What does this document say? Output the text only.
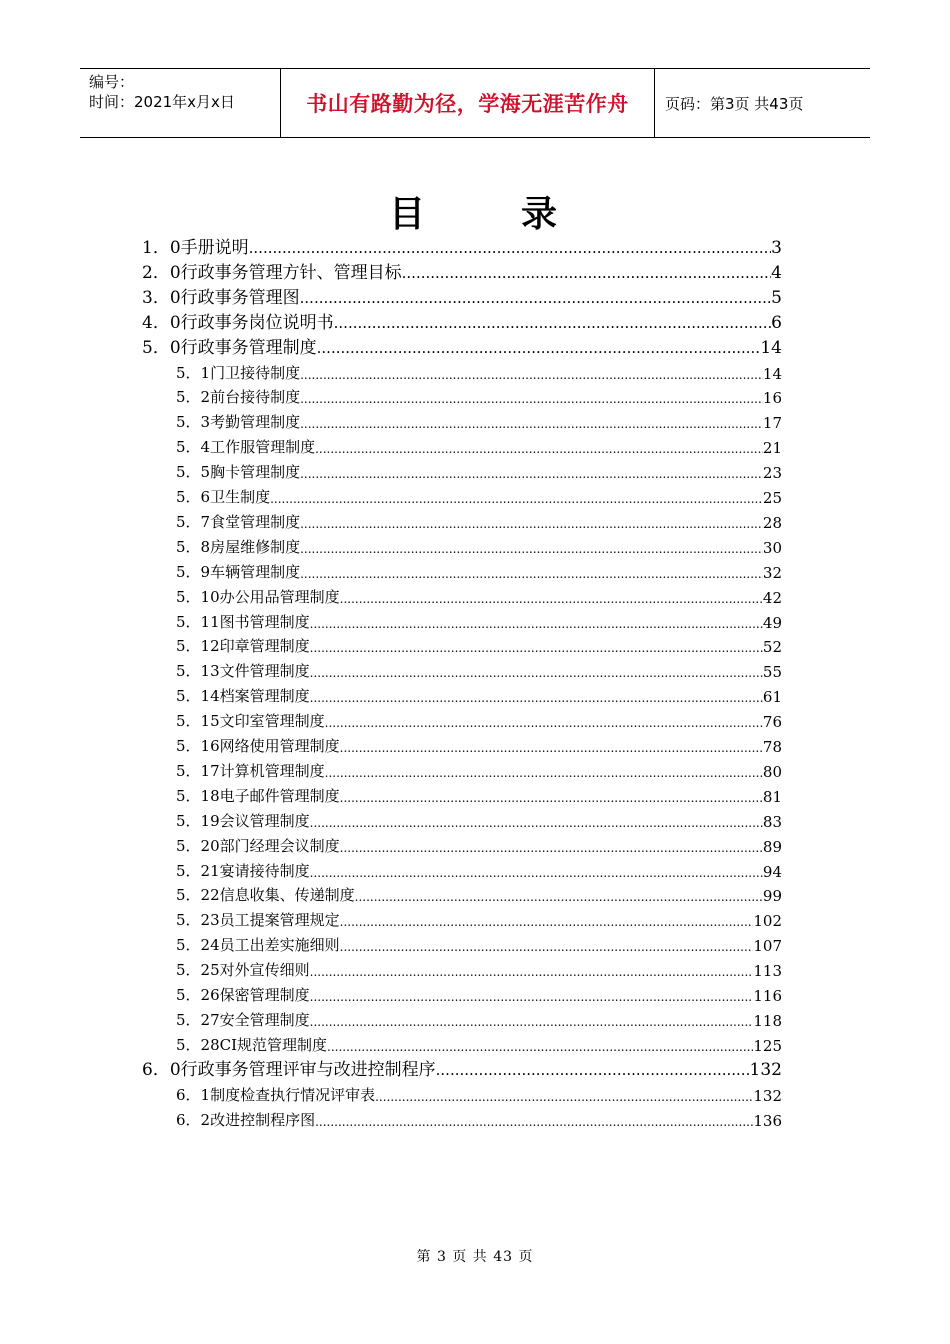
编号：
时间：2021年x月x日	书山有路勤为径，学海无涯苦作舟	页码：第3页 共43页
目	录
1．0手册说明 .....	3
2．0行政事务管理方针、管理目标 .....	4
3．0行政事务管理图 .....	5
4．0行政事务岗位说明书 .....	6
5．0行政事务管理制度 .....	14
5．1门卫接待制度 .....	14
5．2前台接待制度 .....	16
5．3考勤管理制度 .....	17
5．4工作服管理制度 .....	21
5．5胸卡管理制度 .....	23
5．6卫生制度 .....	25
5．7食堂管理制度 .....	28
5．8房屋维修制度 .....	30
5．9车辆管理制度 .....	32
5．10办公用品管理制度 .....	42
5．11图书管理制度 .....	49
5．12印章管理制度 .....	52
5．13文件管理制度 .....	55
5．14档案管理制度 .....	61
5．15文印室管理制度 .....	76
5．16网络使用管理制度 .....	78
5．17计算机管理制度 .....	80
5．18电子邮件管理制度 .....	81
5．19会议管理制度 .....	83
5．20部门经理会议制度 .....	89
5．21宴请接待制度 .....	94
5．22信息收集、传递制度 .....	99
5．23员工提案管理规定 .....	102
5．24员工出差实施细则 .....	107
5．25对外宣传细则 .....	113
5．26保密管理制度 .....	116
5．27安全管理制度 .....	118
5．28CI规范管理制度 .....	125
6．0行政事务管理评审与改进控制程序 .....	132
6．1制度检查执行情况评审表 .....	132
6．2改进控制程序图 .....	136
第 3 页 共 43 页
